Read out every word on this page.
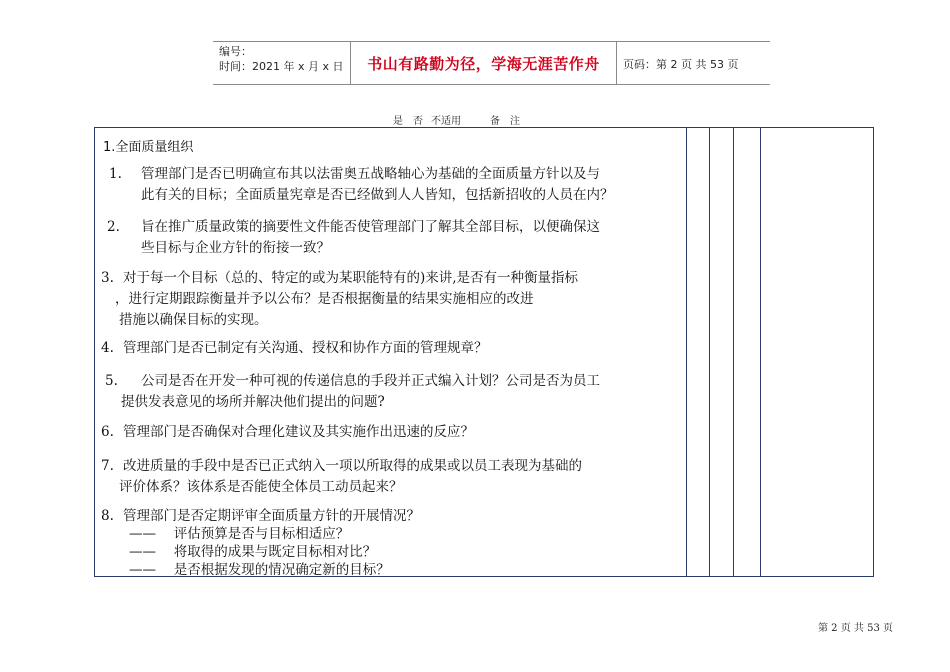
编号：
时间：2021 年 x 月 x 日	书山有路勤为径，学海无涯苦作舟	页码：第 2 页 共 53 页
是 否 不适用	备　注
1.全面质量组织
1. 管理部门是否已明确宣布其以法雷奥五战略轴心为基础的全面质量方针以及与
此有关的目标；全面质量宪章是否已经做到人人皆知，包括新招收的人员在内？
2. 旨在推广质量政策的摘要性文件能否使管理部门了解其全部目标，以便确保这
些目标与企业方针的衔接一致？
3. 对于每一个目标（总的、特定的或为某职能特有的)来讲,是否有一种衡量指标
，进行定期跟踪衡量并予以公布？是否根据衡量的结果实施相应的改进
措施以确保目标的实现。
4. 管理部门是否已制定有关沟通、授权和协作方面的管理规章？
5. 公司是否在开发一种可视的传递信息的手段并正式编入计划？公司是否为员工
提供发表意见的场所并解决他们提出的问题?
6. 管理部门是否确保对合理化建议及其实施作出迅速的反应？
7. 改进质量的手段中是否已正式纳入一项以所取得的成果或以员工表现为基础的
评价体系？该体系是否能使全体员工动员起来？
8. 管理部门是否定期评审全面质量方针的开展情况？
——　 评估预算是否与目标相适应？
——　 将取得的成果与既定目标相对比？
——　 是否根据发现的情况确定新的目标？
第 2 页 共 53 页
